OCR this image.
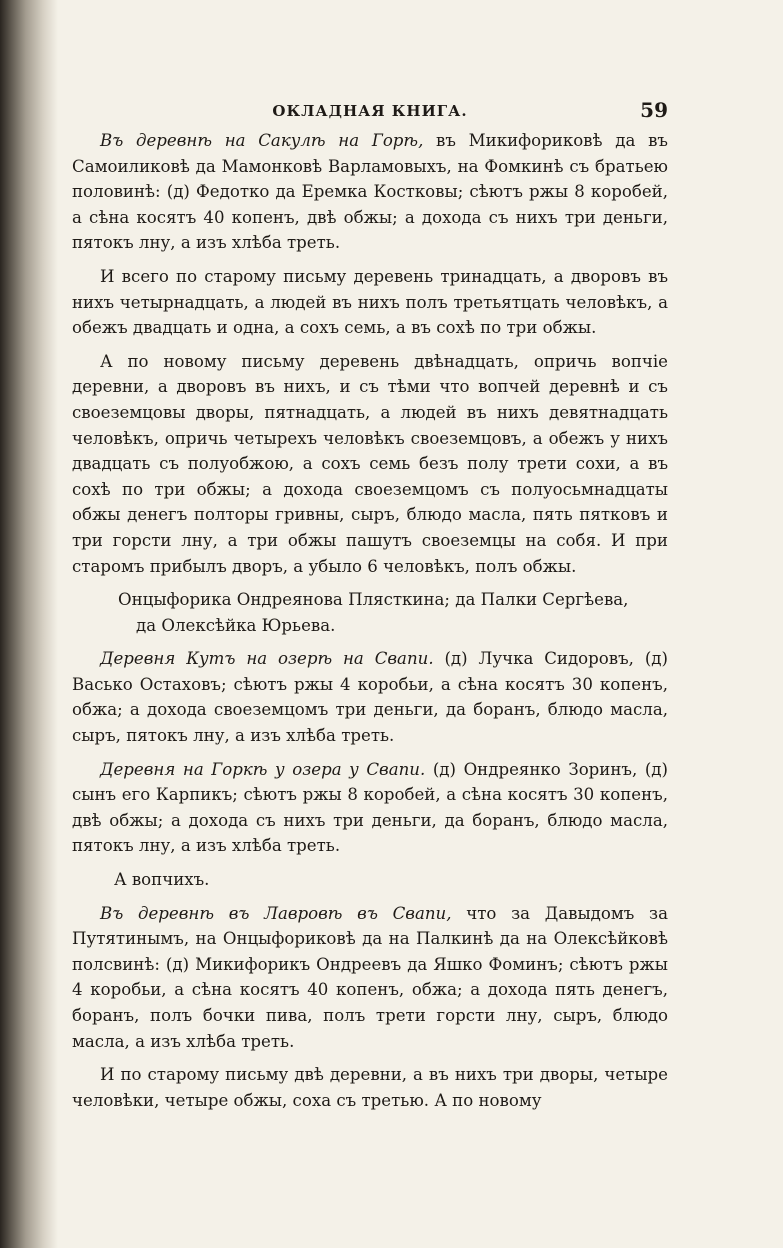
ОКЛАДНАЯ КНИГА.	59

Въ деревнѣ на Сакулѣ на Горѣ, въ Микифориковѣ да въ Самоиликовѣ да Мамонковѣ Варламовыхъ, на Фомкинѣ съ братьею половинѣ: (д) Федотко да Еремка Костковы; сѣютъ ржы 8 коробей, а сѣна косятъ 40 копенъ, двѣ обжы; а дохода съ нихъ три деньги, пятокъ лну, а изъ хлѣба треть.

И всего по старому письму деревень тринадцать, а дворовъ въ нихъ четырнадцать, а людей въ нихъ полъ третьятцать человѣкъ, а обежъ двадцать и одна, а сохъ семь, а въ сохѣ по три обжы.

А по новому письму деревень двѣнадцать, опричь вопчіе деревни, а дворовъ въ нихъ, и съ тѣми что вопчей деревнѣ и съ своеземцовы дворы, пятнадцать, а людей въ нихъ девятнадцать человѣкъ, опричь четырехъ человѣкъ своеземцовъ, а обежъ у нихъ двадцать съ полуобжою, а сохъ семь безъ полу трети сохи, а въ сохѣ по три обжы; а дохода своеземцомъ съ полуосьмнадцаты обжы денегъ полторы гривны, сыръ, блюдо масла, пять пятковъ и три горсти лну, а три обжы пашутъ своеземцы на собя. И при старомъ прибылъ дворъ, а убыло 6 человѣкъ, полъ обжы.

Онцыфорика Ондреянова Плясткина; да Палки Сергѣева,
да Олексѣйка Юрьева.

Деревня Кутъ на озерѣ на Свапи. (д) Лучка Сидоровъ, (д) Васько Остаховъ; сѣютъ ржы 4 коробьи, а сѣна косятъ 30 копенъ, обжа; а дохода своеземцомъ три деньги, да боранъ, блюдо масла, сыръ, пятокъ лну, а изъ хлѣба треть.

Деревня на Горкѣ у озера у Свапи. (д) Ондреянко Зоринъ, (д) сынъ его Карпикъ; сѣютъ ржы 8 коробей, а сѣна косятъ 30 копенъ, двѣ обжы; а дохода съ нихъ три деньги, да боранъ, блюдо масла, пятокъ лну, а изъ хлѣба треть.

А вопчихъ.

Въ деревнѣ въ Лавровѣ въ Свапи, что за Давыдомъ за Путятинымъ, на Онцыфориковѣ да на Палкинѣ да на Олексѣйковѣ полсвинѣ: (д) Микифорикъ Ондреевъ да Яшко Фоминъ; сѣютъ ржы 4 коробьи, а сѣна косятъ 40 копенъ, обжа; а дохода пять денегъ, боранъ, полъ бочки пива, полъ трети горсти лну, сыръ, блюдо масла, а изъ хлѣба треть.

И по старому письму двѣ деревни, а въ нихъ три дворы, четыре человѣки, четыре обжы, соха съ третью. А по новому
